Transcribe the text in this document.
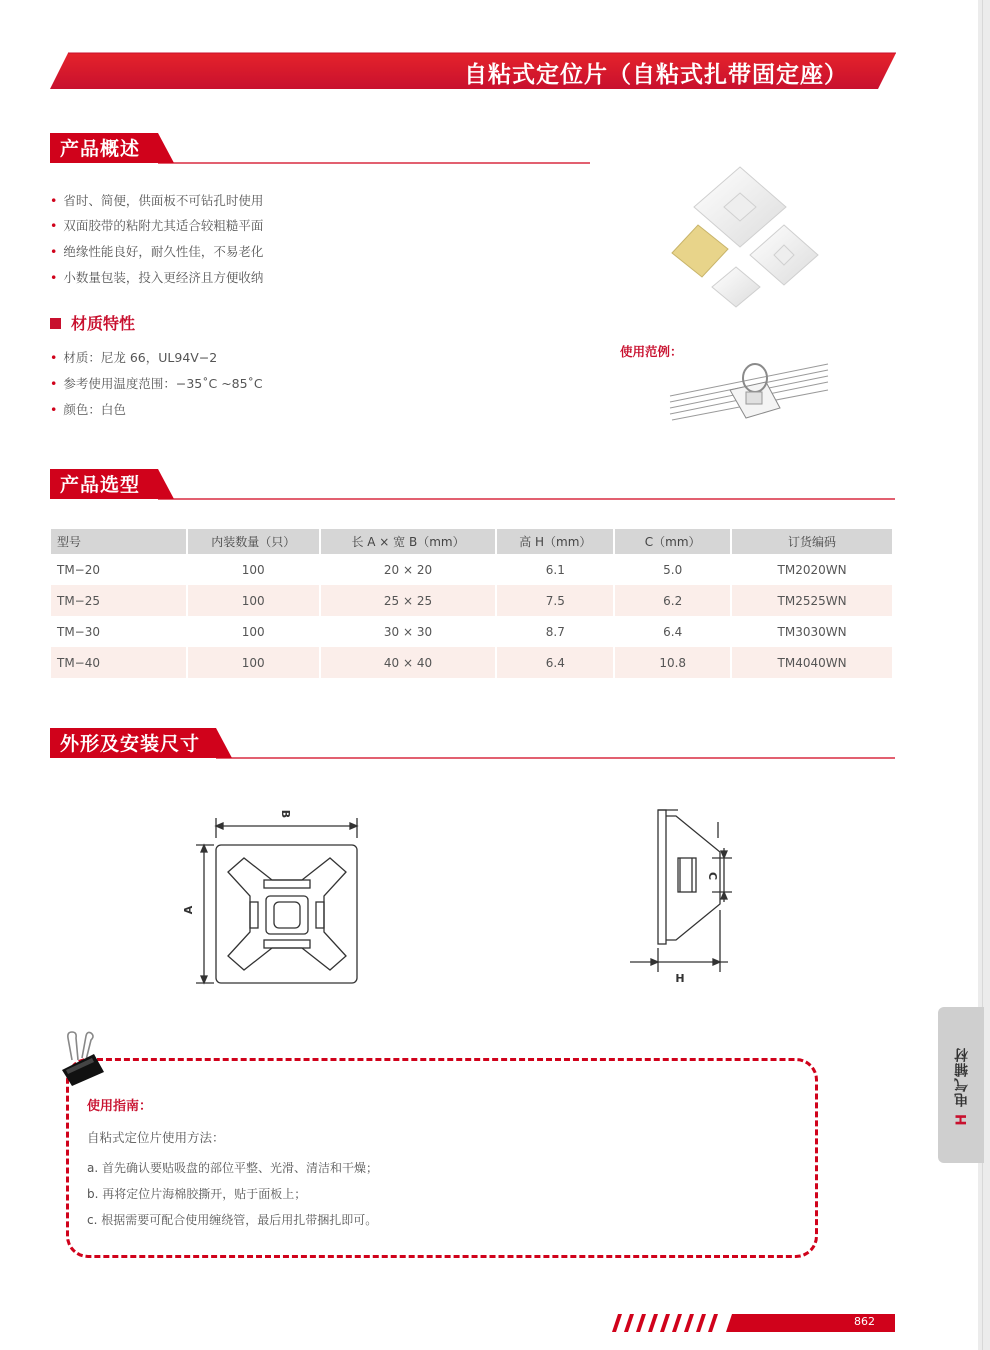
自粘式定位片（自粘式扎带固定座）
产品概述
• 省时、简便，供面板不可钻孔时使用
• 双面胶带的粘附尤其适合较粗糙平面
• 绝缘性能良好，耐久性佳，不易老化
• 小数量包装，投入更经济且方便收纳
材质特性
• 材质：尼龙 66，UL94V−2
• 参考使用温度范围：−35˚C ~85˚C
• 颜色：白色
使用范例：
产品选型
型号	内装数量（只）	长 A × 宽 B（mm）	高 H（mm）	C（mm）	订货编码
TM−20	100	20 × 20	6.1	5.0	TM2020WN
TM−25	100	25 × 25	7.5	6.2	TM2525WN
TM−30	100	30 × 30	8.7	6.4	TM3030WN
TM−40	100	40 × 40	6.4	10.8	TM4040WN
外形及安装尺寸
B
A
C
H
使用指南：
自粘式定位片使用方法：
a. 首先确认要贴吸盘的部位平整、光滑、清洁和干燥；
b. 再将定位片海棉胶撕开，贴于面板上；
c. 根据需要可配合使用缠绕管，最后用扎带捆扎即可。
H 电气辅材
862
